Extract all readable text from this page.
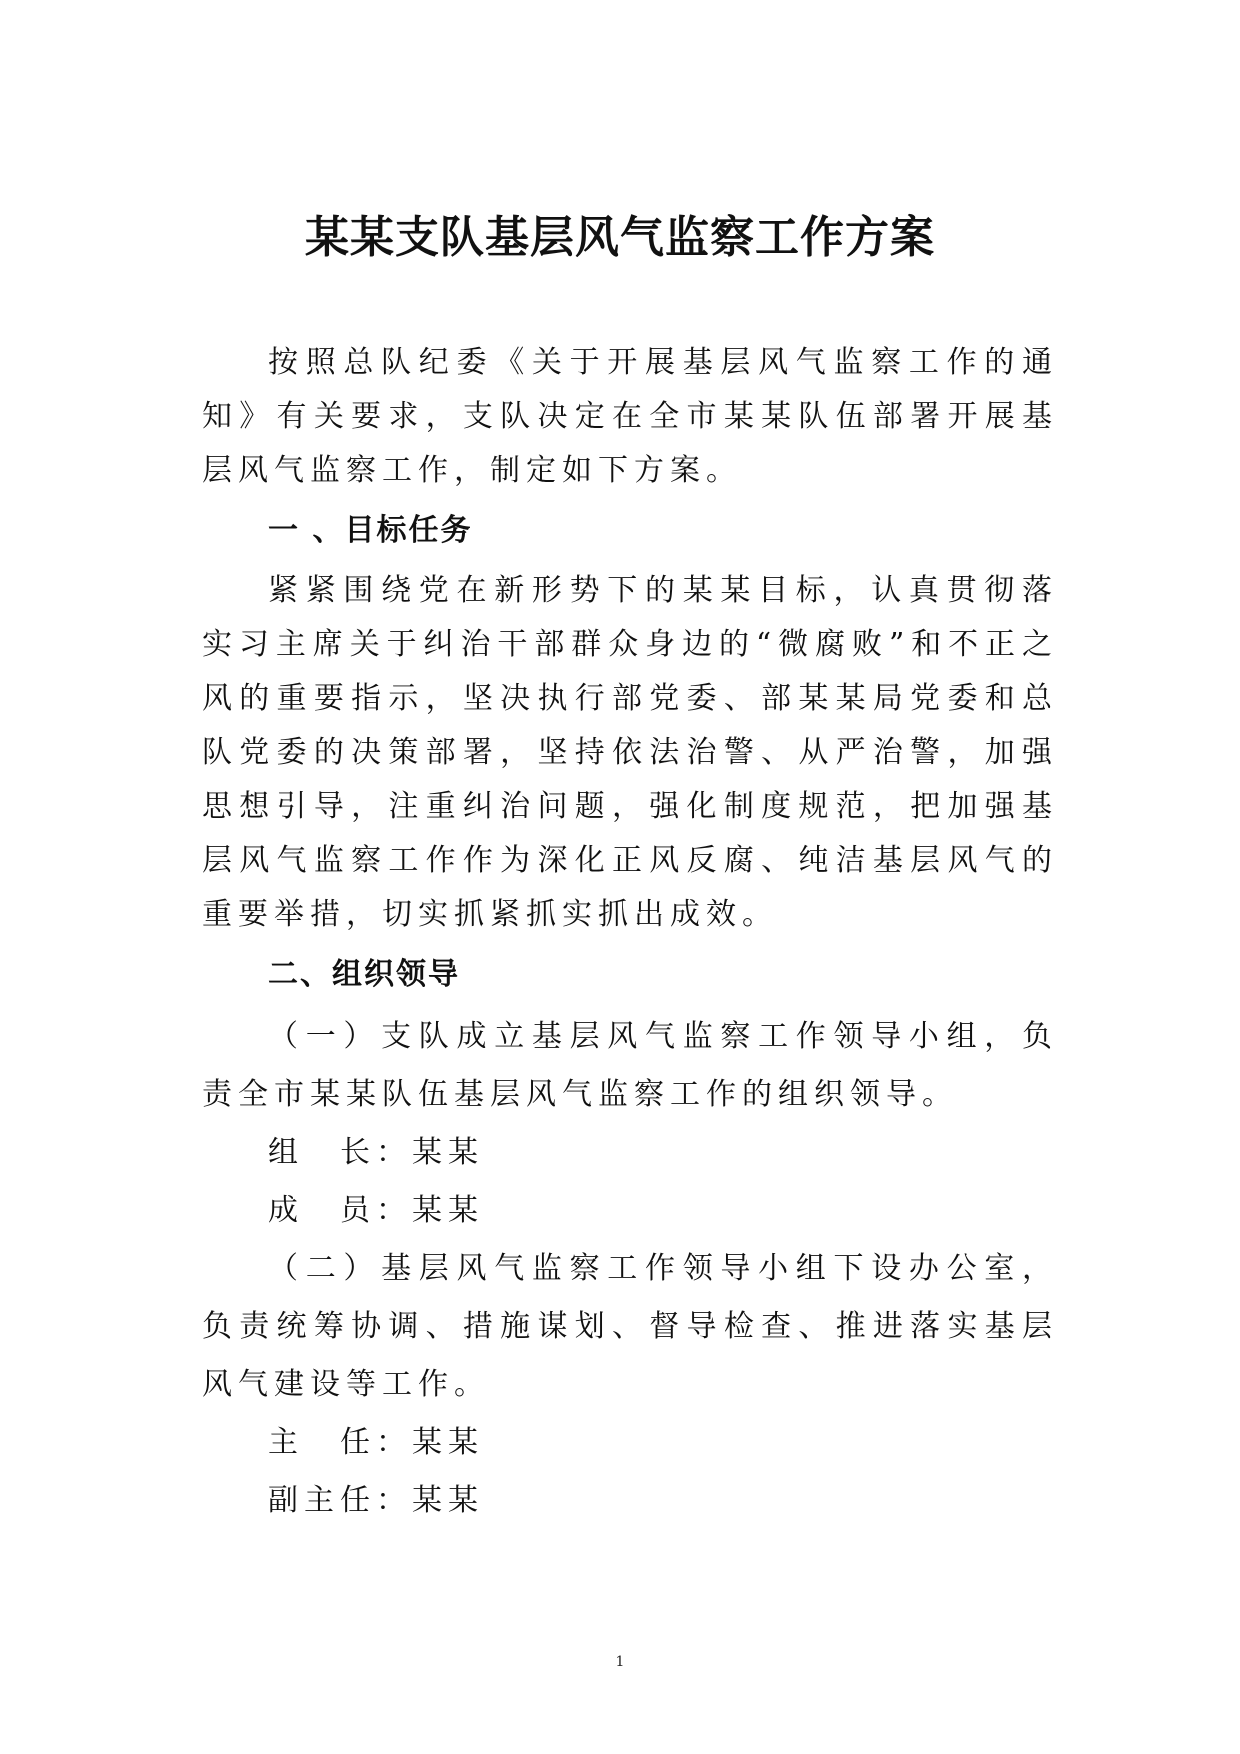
某某支队基层风气监察工作方案

按照总队纪委《关于开展基层风气监察工作的通知》有关要求，支队决定在全市某某队伍部署开展基层风气监察工作，制定如下方案。

一 、目标任务

紧紧围绕党在新形势下的某某目标，认真贯彻落实习主席关于纠治干部群众身边的“微腐败”和不正之风的重要指示，坚决执行部党委、部某某局党委和总队党委的决策部署，坚持依法治警、从严治警，加强思想引导，注重纠治问题，强化制度规范，把加强基层风气监察工作作为深化正风反腐、纯洁基层风气的重要举措，切实抓紧抓实抓出成效。

二、组织领导

（一）支队成立基层风气监察工作领导小组，负责全市某某队伍基层风气监察工作的组织领导。

组　长：某某

成　员：某某

（二）基层风气监察工作领导小组下设办公室，负责统筹协调、措施谋划、督导检查、推进落实基层风气建设等工作。

主　任：某某

副主任：某某

1
